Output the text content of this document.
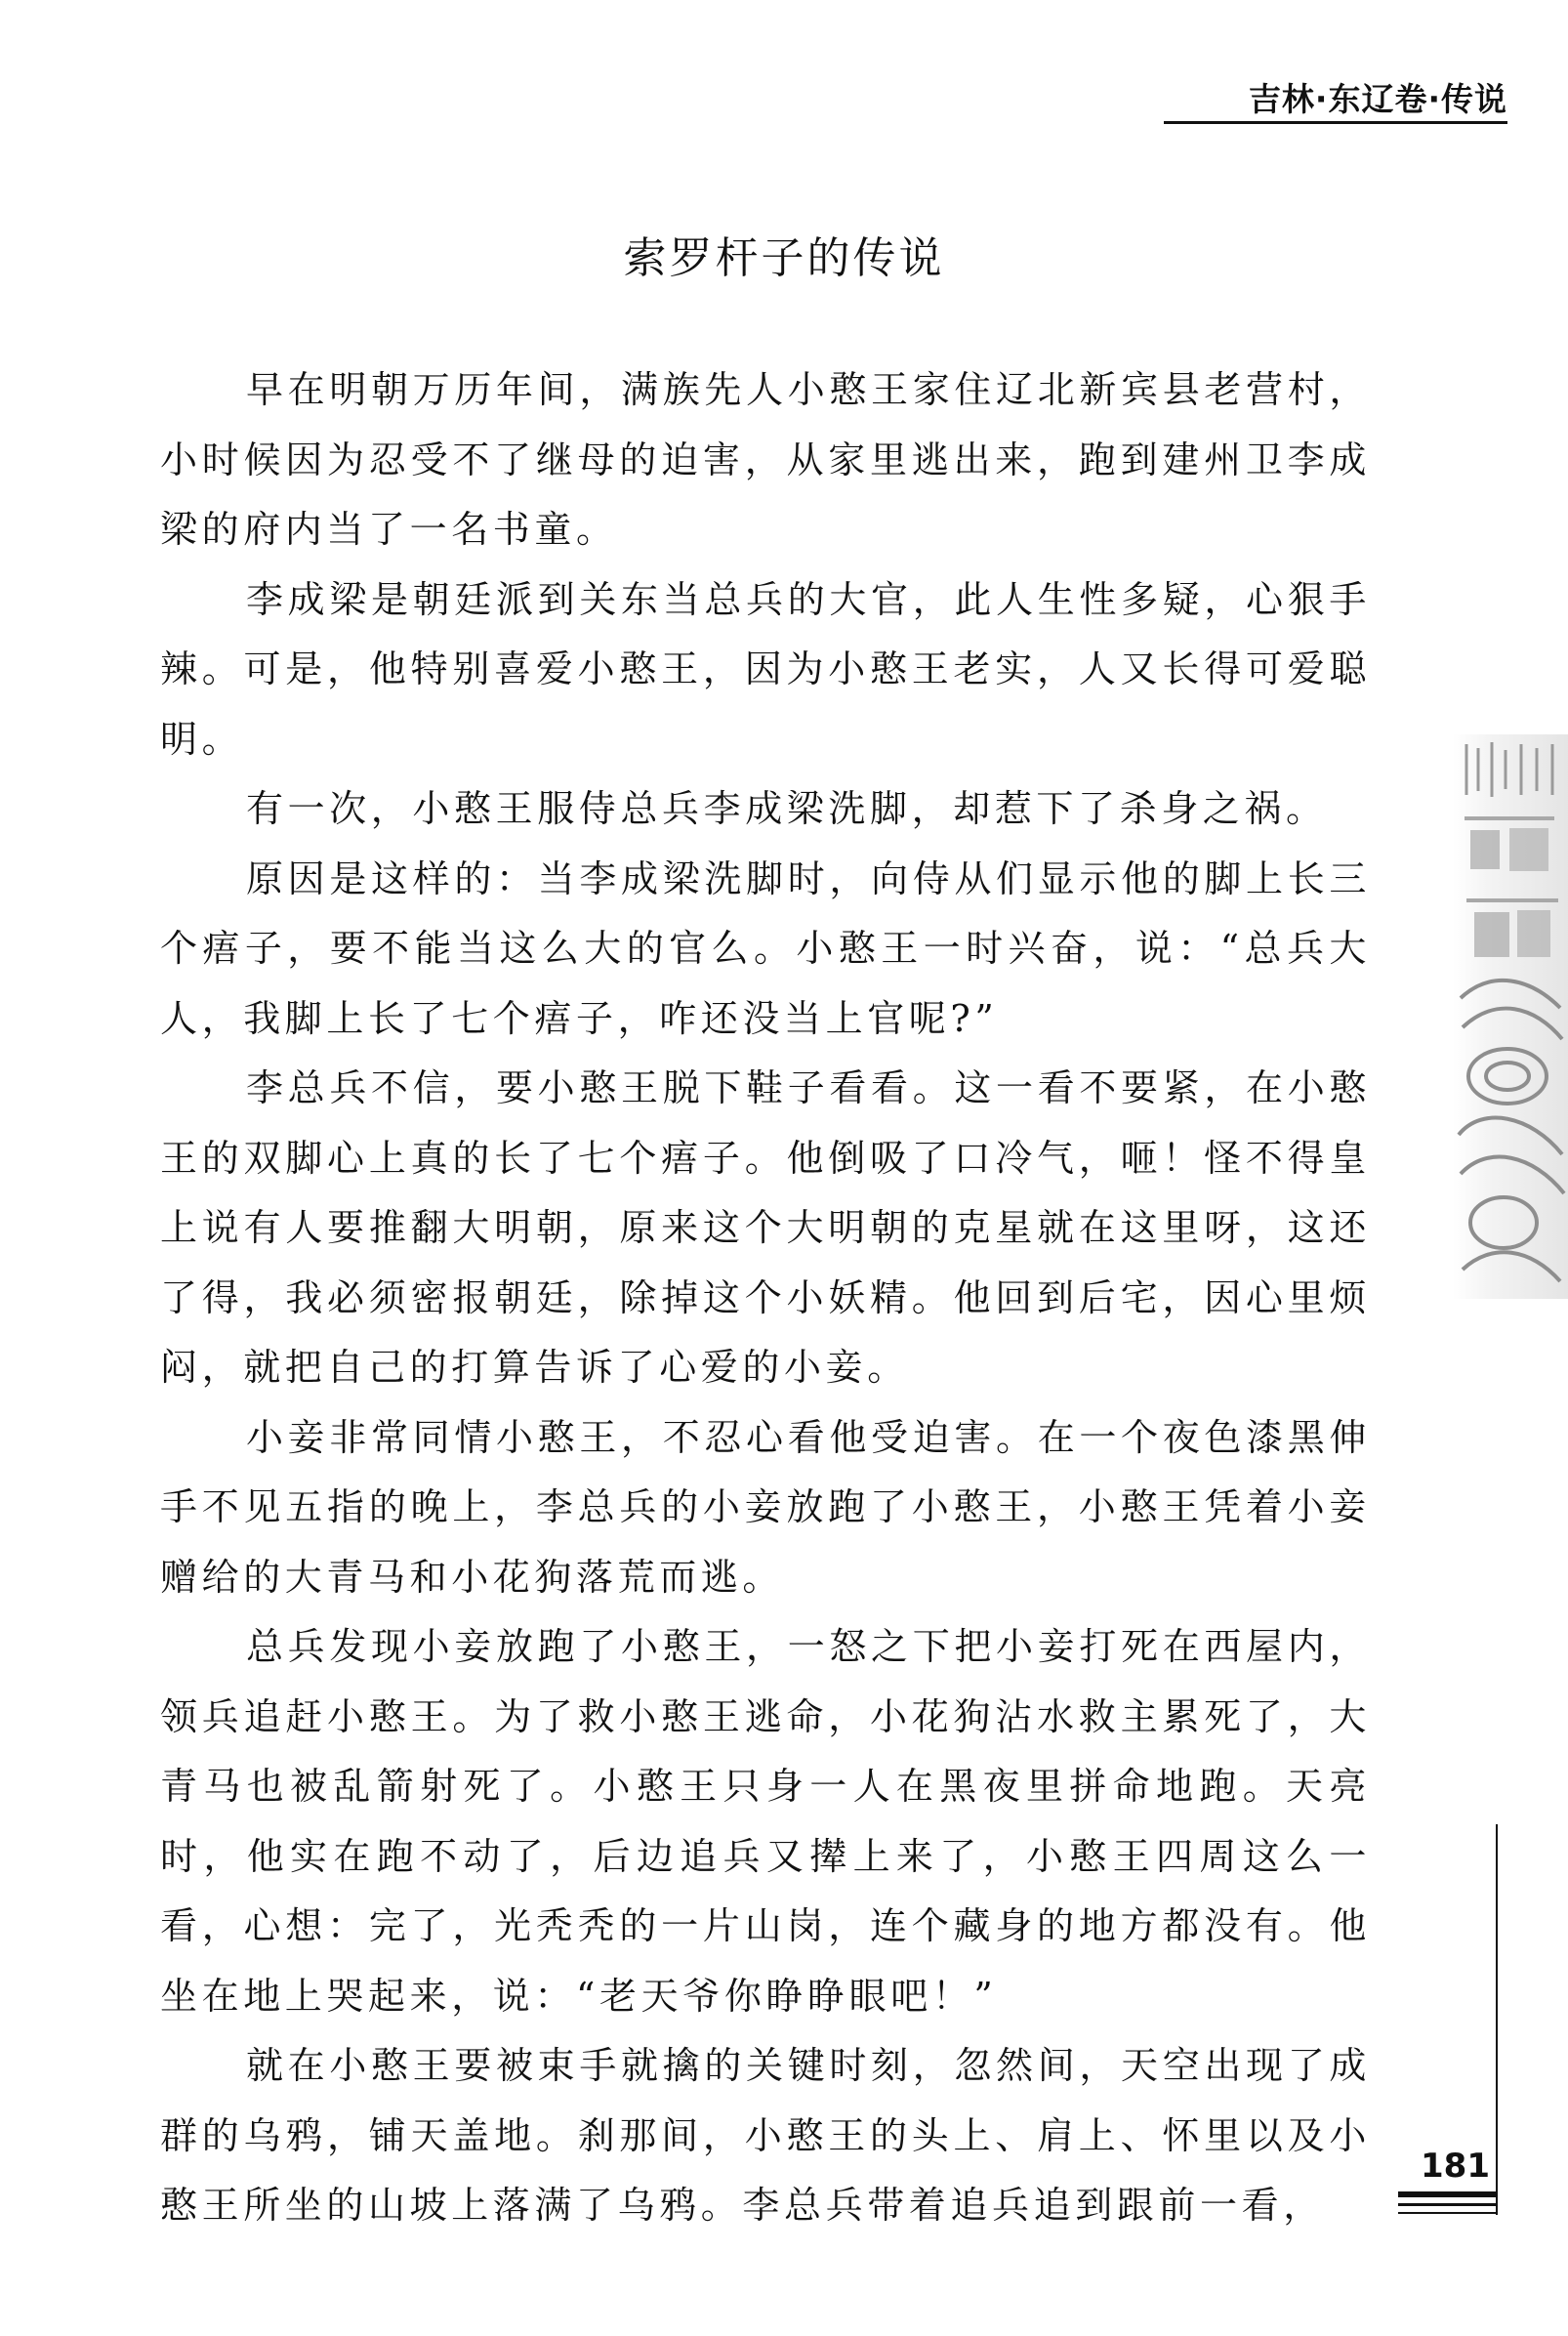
吉林·东辽卷·传说
索罗杆子的传说

早在明朝万历年间，满族先人小憨王家住辽北新宾县老营村，小时候因为忍受不了继母的迫害，从家里逃出来，跑到建州卫李成梁的府内当了一名书童。

李成梁是朝廷派到关东当总兵的大官，此人生性多疑，心狠手辣。可是，他特别喜爱小憨王，因为小憨王老实，人又长得可爱聪明。

有一次，小憨王服侍总兵李成梁洗脚，却惹下了杀身之祸。

原因是这样的：当李成梁洗脚时，向侍从们显示他的脚上长三个痦子，要不能当这么大的官么。小憨王一时兴奋，说：“总兵大人，我脚上长了七个痦子，咋还没当上官呢?”

李总兵不信，要小憨王脱下鞋子看看。这一看不要紧，在小憨王的双脚心上真的长了七个痦子。他倒吸了口冷气，咂！怪不得皇上说有人要推翻大明朝，原来这个大明朝的克星就在这里呀，这还了得，我必须密报朝廷，除掉这个小妖精。他回到后宅，因心里烦闷，就把自己的打算告诉了心爱的小妾。

小妾非常同情小憨王，不忍心看他受迫害。在一个夜色漆黑伸手不见五指的晚上，李总兵的小妾放跑了小憨王，小憨王凭着小妾赠给的大青马和小花狗落荒而逃。

总兵发现小妾放跑了小憨王，一怒之下把小妾打死在西屋内，领兵追赶小憨王。为了救小憨王逃命，小花狗沾水救主累死了，大青马也被乱箭射死了。小憨王只身一人在黑夜里拼命地跑。天亮时，他实在跑不动了，后边追兵又撵上来了，小憨王四周这么一看，心想：完了，光秃秃的一片山岗，连个藏身的地方都没有。他坐在地上哭起来，说：“老天爷你睁睁眼吧！”

就在小憨王要被束手就擒的关键时刻，忽然间，天空出现了成群的乌鸦，铺天盖地。刹那间，小憨王的头上、肩上、怀里以及小憨王所坐的山坡上落满了乌鸦。李总兵带着追兵追到跟前一看，

181
